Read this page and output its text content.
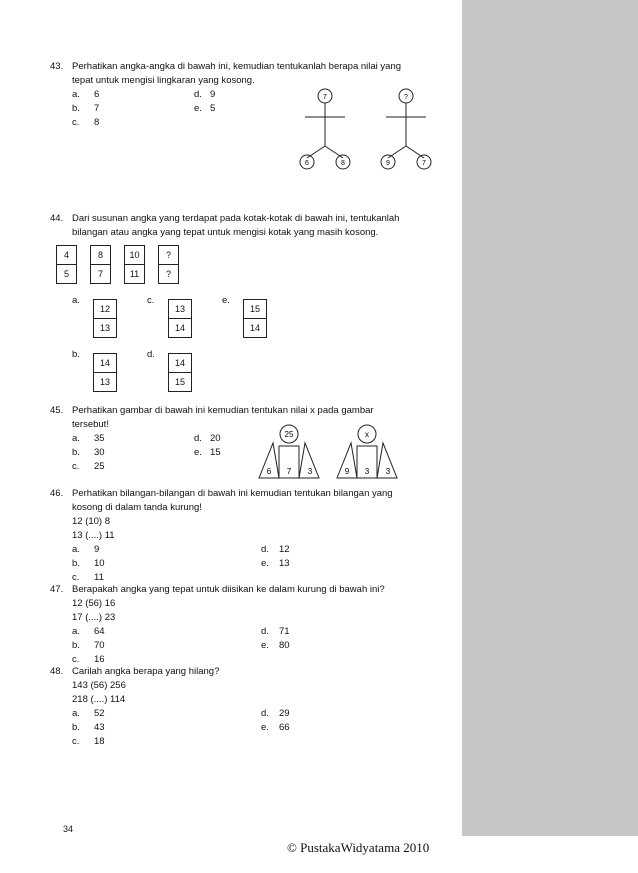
43. Perhatikan angka-angka di bawah ini, kemudian tentukanlah berapa nilai yang
tepat untuk mengisi lingkaran yang kosong.
a. 6
b. 7
c. 8
d. 9
e. 5
7
6	8
?
9	7
44. Dari susunan angka yang terdapat pada kotak-kotak di bawah ini, tentukanlah
bilangan atau angka yang tepat untuk mengisi kotak yang masih kosong.
4	8	10	?
5	7	11	?
a.
12
13
c.
13
14
e.
15
14
b.
14
13
d.
14
15
45. Perhatikan gambar di bawah ini kemudian tentukan nilai x pada gambar
tersebut!
a. 35
b. 30
c. 25
d. 20
e. 15
25
6 7 3
x
9 3 3
46. Perhatikan bilangan-bilangan di bawah ini kemudian tentukan bilangan yang
kosong di dalam tanda kurung!
12 (10) 8
13 (....) 11
a. 9
b. 10
c. 11
d. 12
e. 13
47. Berapakah angka yang tepat untuk diisikan ke dalam kurung di bawah ini?
12 (56) 16
17 (....) 23
a. 64
b. 70
c. 16
d. 71
e. 80
48. Carilah angka berapa yang hilang?
143 (56) 256
218 (....) 114
a. 52
b. 43
c. 18
d. 29
e. 66
34
© PustakaWidyatama 2010
